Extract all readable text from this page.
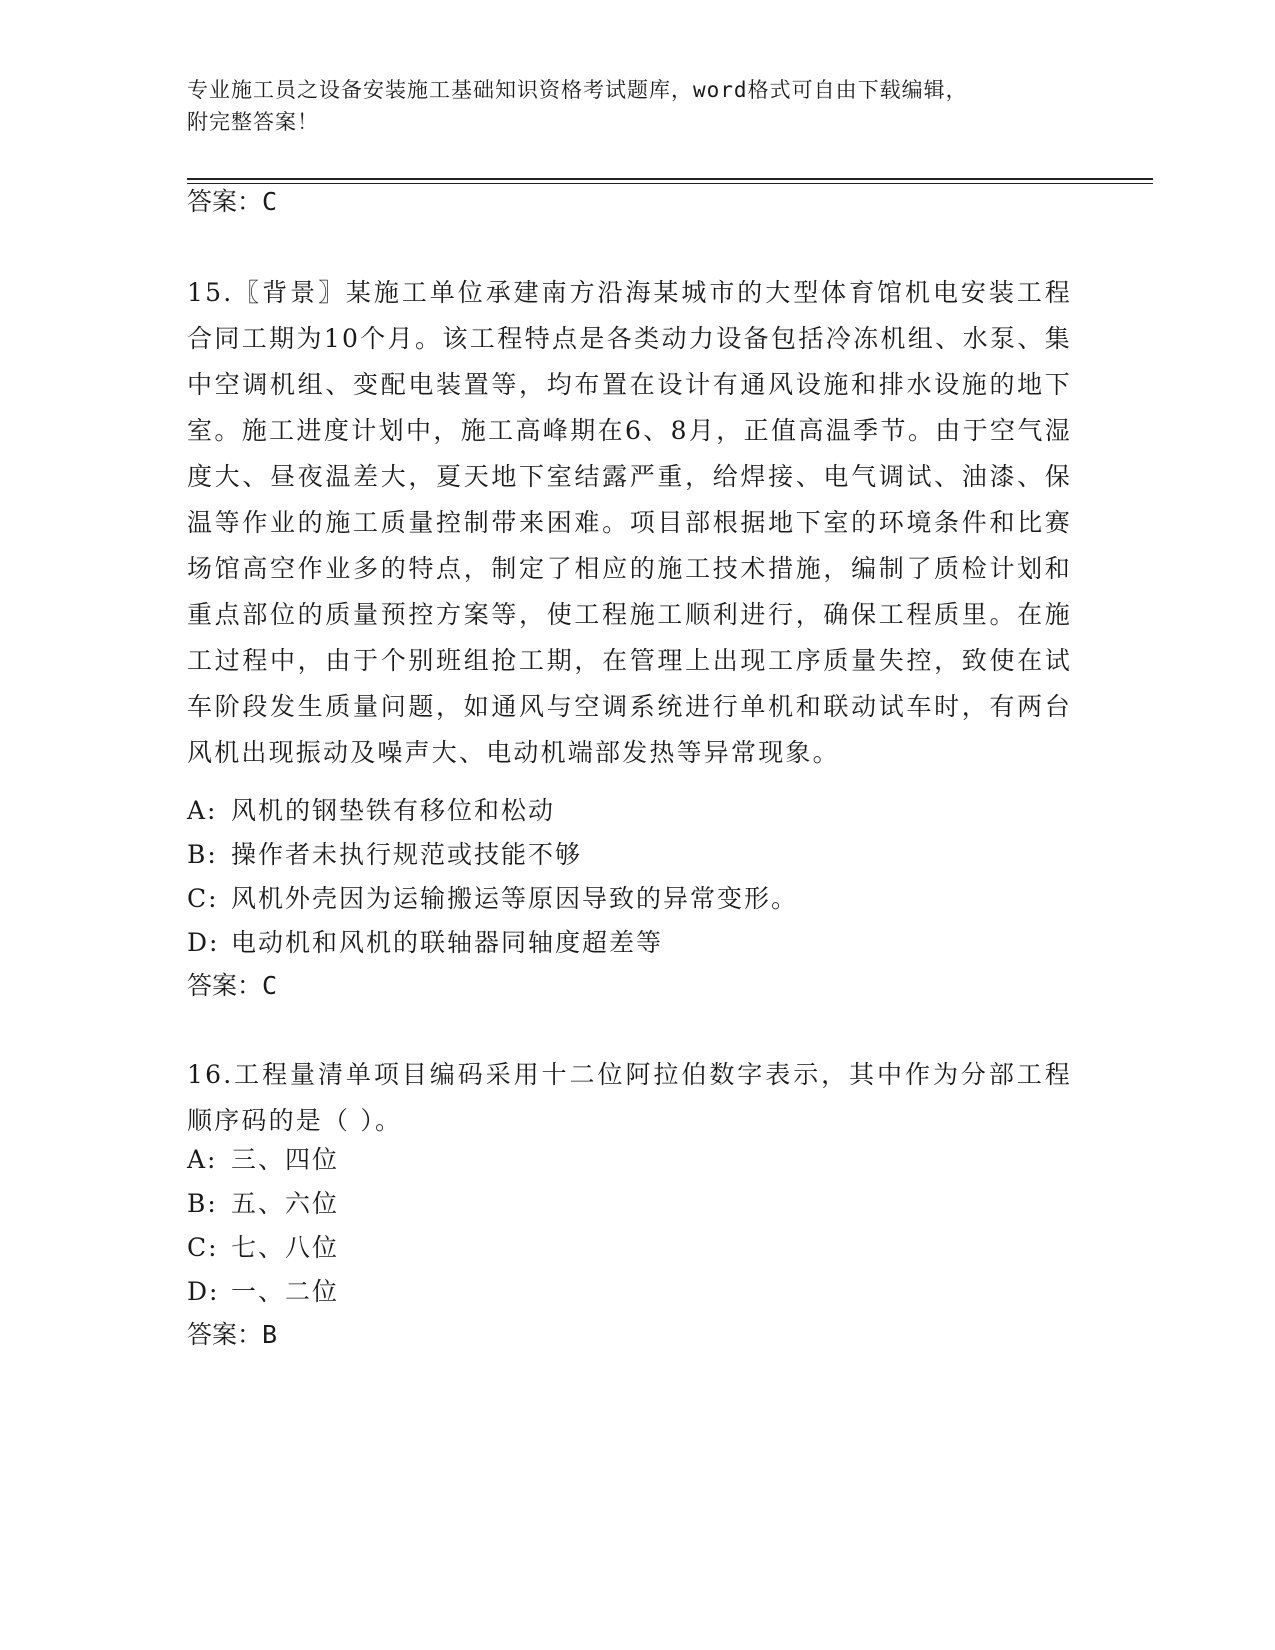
专业施工员之设备安装施工基础知识资格考试题库，word格式可自由下载编辑，
附完整答案！
答案：C
15.〖背景〗某施工单位承建南方沿海某城市的大型体育馆机电安装工程合同工期为10个月。该工程特点是各类动力设备包括冷冻机组、水泵、集中空调机组、变配电装置等，均布置在设计有通风设施和排水设施的地下室。施工进度计划中，施工高峰期在6、8月，正值高温季节。由于空气湿度大、昼夜温差大，夏天地下室结露严重，给焊接、电气调试、油漆、保温等作业的施工质量控制带来困难。项目部根据地下室的环境条件和比赛场馆高空作业多的特点，制定了相应的施工技术措施，编制了质检计划和重点部位的质量预控方案等，使工程施工顺利进行，确保工程质里。在施工过程中，由于个别班组抢工期，在管理上出现工序质量失控，致使在试车阶段发生质量问题，如通风与空调系统进行单机和联动试车时，有两台风机出现振动及噪声大、电动机端部发热等异常现象。
A: 风机的钢垫铁有移位和松动
B: 操作者未执行规范或技能不够
C: 风机外壳因为运输搬运等原因导致的异常变形。
D: 电动机和风机的联轴器同轴度超差等
答案：C
16.工程量清单项目编码采用十二位阿拉伯数字表示，其中作为分部工程顺序码的是（ ）。
A: 三、四位
B: 五、六位
C: 七、八位
D: 一、二位
答案：B
